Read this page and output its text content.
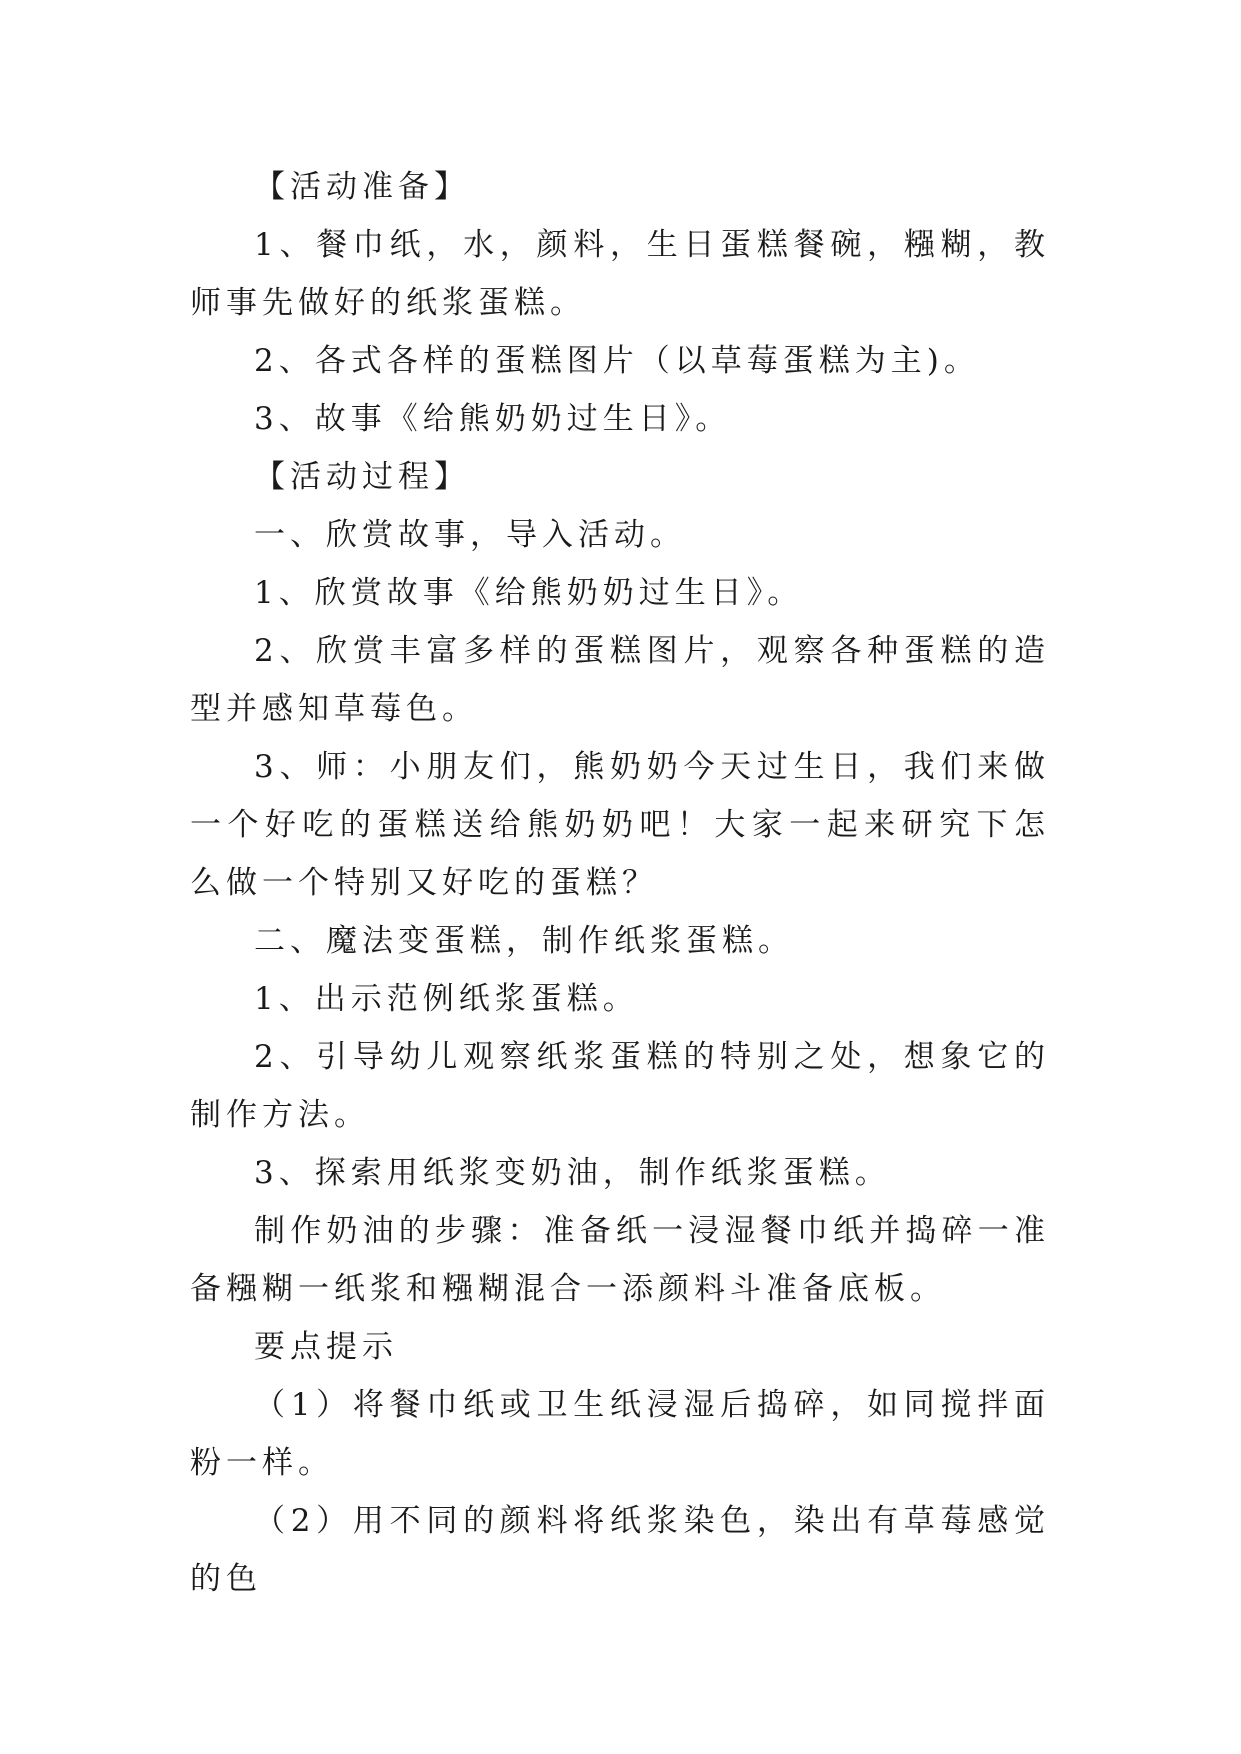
【活动准备】

1、餐巾纸，水，颜料，生日蛋糕餐碗，糨糊，教师事先做好的纸浆蛋糕。

2、各式各样的蛋糕图片（以草莓蛋糕为主)。

3、故事《给熊奶奶过生日》。

【活动过程】

一、欣赏故事，导入活动。

1、欣赏故事《给熊奶奶过生日》。

2、欣赏丰富多样的蛋糕图片，观察各种蛋糕的造型并感知草莓色。

3、师：小朋友们，熊奶奶今天过生日，我们来做一个好吃的蛋糕送给熊奶奶吧！大家一起来研究下怎么做一个特别又好吃的蛋糕？

二、魔法变蛋糕，制作纸浆蛋糕。

1、出示范例纸浆蛋糕。

2、引导幼儿观察纸浆蛋糕的特别之处，想象它的制作方法。

3、探索用纸浆变奶油，制作纸浆蛋糕。

制作奶油的步骤：准备纸一浸湿餐巾纸并捣碎一准备糨糊一纸浆和糨糊混合一添颜料斗准备底板。

要点提示

（1）将餐巾纸或卫生纸浸湿后捣碎，如同搅拌面粉一样。

（2）用不同的颜料将纸浆染色，染出有草莓感觉的色
